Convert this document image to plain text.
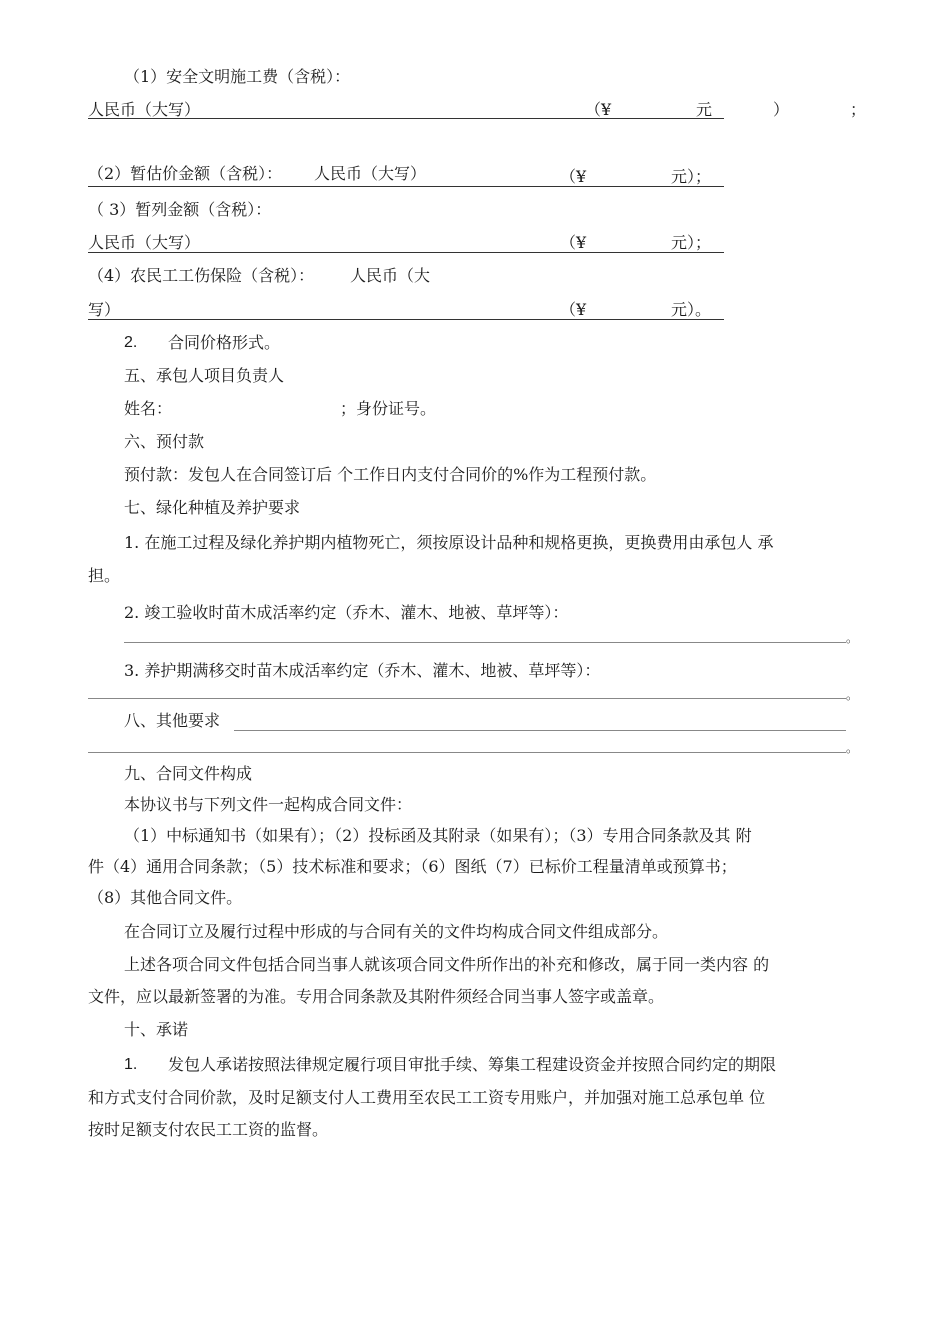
（1）安全文明施工费（含税）：
人民币（大写）	（¥	元	）	；
（2）暂估价金额（含税）： 人民币（大写）	（¥	元）；
（ 3）暂列金额（含税）：
人民币（大写）	（¥	元）；
（4）农民工工伤保险（含税）： 人民币（大
写）	（¥	元）。
2. 合同价格形式。
五、承包人项目负责人
姓名：	；身份证号。
六、预付款
预付款：发包人在合同签订后 个工作日内支付合同价的%作为工程预付款。
七、绿化种植及养护要求
1. 在施工过程及绿化养护期内植物死亡，须按原设计品种和规格更换，更换费用由承包人 承
担。
2. 竣工验收时苗木成活率约定（乔木、灌木、地被、草坪等）：
。
3. 养护期满移交时苗木成活率约定（乔木、灌木、地被、草坪等）：
。
八、其他要求
。
九、合同文件构成
本协议书与下列文件一起构成合同文件：
（1）中标通知书（如果有）；（2）投标函及其附录（如果有）；（3）专用合同条款及其 附
件（4）通用合同条款；（5）技术标准和要求；（6）图纸（7）已标价工程量清单或预算书；
（8）其他合同文件。
在合同订立及履行过程中形成的与合同有关的文件均构成合同文件组成部分。
上述各项合同文件包括合同当事人就该项合同文件所作出的补充和修改，属于同一类内容 的
文件，应以最新签署的为准。专用合同条款及其附件须经合同当事人签字或盖章。
十、承诺
1. 发包人承诺按照法律规定履行项目审批手续、筹集工程建设资金并按照合同约定的期限
和方式支付合同价款，及时足额支付人工费用至农民工工资专用账户，并加强对施工总承包单 位
按时足额支付农民工工资的监督。
